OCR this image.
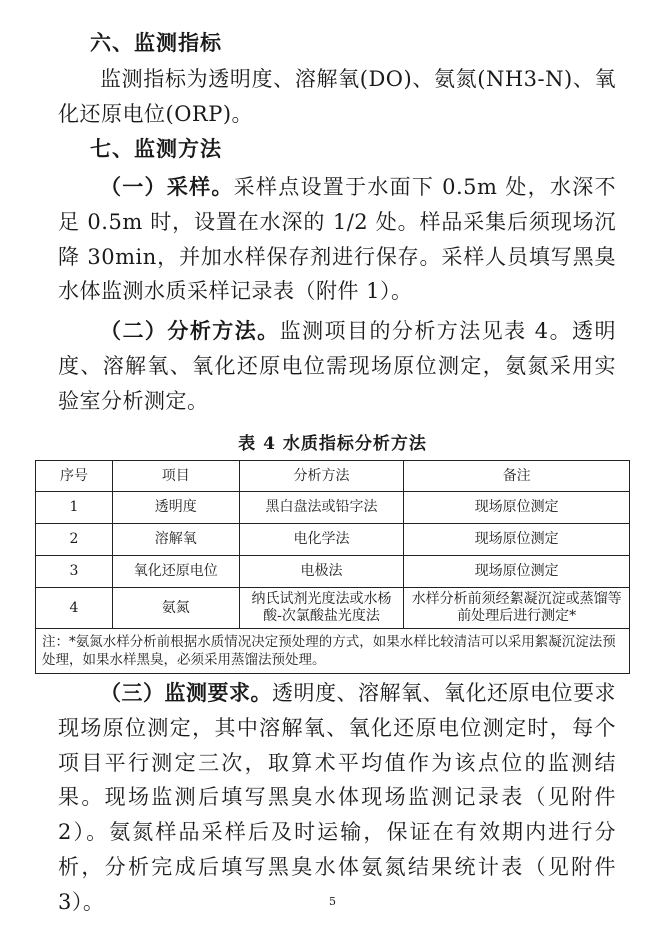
六、监测指标
监测指标为透明度、溶解氧(DO)、氨氮(NH3-N)、氧化还原电位(ORP)。
七、监测方法
（一）采样。采样点设置于水面下 0.5m 处，水深不足 0.5m 时，设置在水深的 1/2 处。样品采集后须现场沉降 30min，并加水样保存剂进行保存。采样人员填写黑臭水体监测水质采样记录表（附件 1）。
（二）分析方法。监测项目的分析方法见表 4。透明度、溶解氧、氧化还原电位需现场原位测定，氨氮采用实验室分析测定。
表 4 水质指标分析方法
序号	项目	分析方法	备注
1	透明度	黑白盘法或铅字法	现场原位测定
2	溶解氧	电化学法	现场原位测定
3	氧化还原电位	电极法	现场原位测定
4	氨氮	纳氏试剂光度法或水杨酸-次氯酸盐光度法	水样分析前须经絮凝沉淀或蒸馏等前处理后进行测定*
注：*氨氮水样分析前根据水质情况决定预处理的方式，如果水样比较清洁可以采用絮凝沉淀法预处理，如果水样黑臭，必须采用蒸馏法预处理。			
（三）监测要求。透明度、溶解氧、氧化还原电位要求现场原位测定，其中溶解氧、氧化还原电位测定时，每个项目平行测定三次，取算术平均值作为该点位的监测结果。现场监测后填写黑臭水体现场监测记录表（见附件 2）。氨氮样品采样后及时运输，保证在有效期内进行分析，分析完成后填写黑臭水体氨氮结果统计表（见附件 3）。	5
